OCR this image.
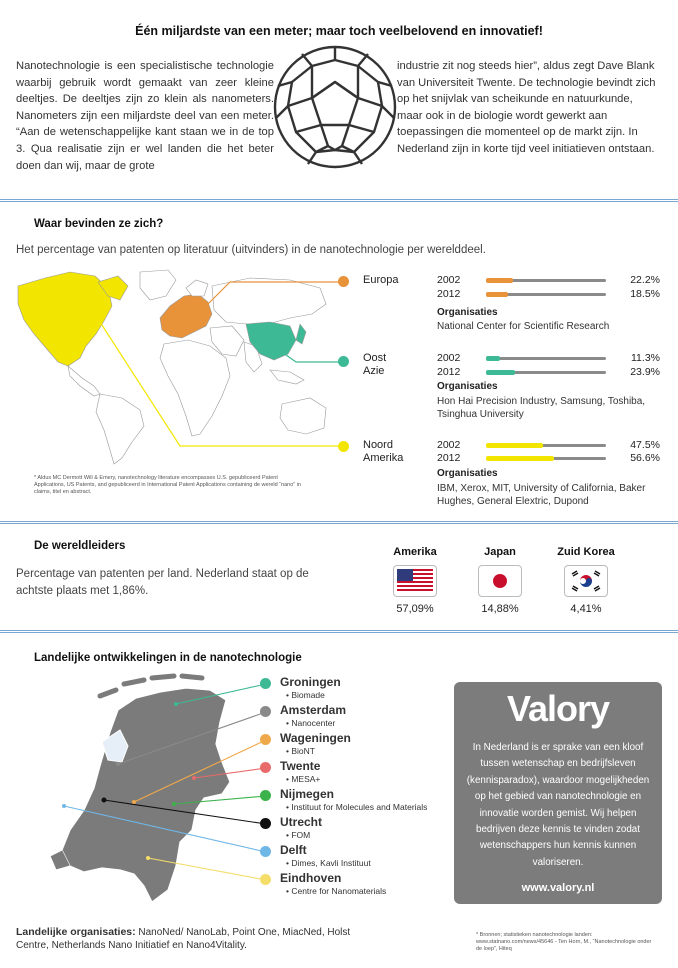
Één miljardste van een meter; maar toch veelbelovend en innovatief!
Nanotechnologie is een specialistische technologie waarbij gebruik wordt gemaakt van zeer kleine deeltjes. De deeltjes zijn zo klein als nanometers. Nanometers zijn een miljardste deel van een meter. “Aan de wetenschappelijke kant staan we in de top 3. Qua realisatie zijn er wel landen die het beter doen dan wij, maar de grote
industrie zit nog steeds hier”, aldus zegt Dave Blank van Universiteit Twente. De technologie bevindt zich op het snijvlak van scheikunde en natuurkunde, maar ook in de biologie wordt gewerkt aan toepassingen die momenteel op de markt zijn. In Nederland zijn in korte tijd veel initiatieven ontstaan.
Waar bevinden ze zich?
Het percentage van patenten op literatuur (uitvinders) in de nanotechnologie per werelddeel.
* Aldus MC Dermott Will & Emery, nanotechnology literature encompasses U.S. gepubliceerd Patent Applications, US Patents, and gepubliceerd in International Patent Applications containing de wereld “nano” in claims, titel en abstract.
Europa	2002	22.2%
2012	18.5%
Organisaties
National Center for Scientific Research
Oost
Azie
2002	11.3%
2012	23.9%
Organisaties
Hon Hai Precision Industry, Samsung, Toshiba, Tsinghua University
Noord
Amerika
2002	47.5%
2012	56.6%
Organisaties
IBM, Xerox, MIT, University of California, Baker Hughes, General Elextric, Dupond
De wereldleiders
Percentage van patenten per land. Nederland staat op de achtste plaats met 1,86%.
Amerika
57,09%
Japan
14,88%
Zuid Korea
4,41%
Landelijke ontwikkelingen in de nanotechnologie
Groningen
• Biomade
Amsterdam
• Nanocenter
Wageningen
• BioNT
Twente
• MESA+
Nijmegen
• Instituut for Molecules and Materials
Utrecht
• FOM
Delft
• Dimes, Kavli Instituut
Eindhoven
• Centre for Nanomaterials
Landelijke organisaties: NanoNed/ NanoLab, Point One, MiacNed, Holst Centre, Netherlands Nano Initiatief en Nano4Vitality.
Valory
In Nederland is er sprake van een kloof tussen wetenschap en bedrijfsleven (kennisparadox), waardoor mogelijkheden op het gebied van nanotechnologie en innovatie worden gemist. Wij helpen bedrijven deze kennis te vinden zodat wetenschappers hun kennis kunnen valoriseren.
www.valory.nl
* Bronnen; statistieken nanotechnologie landen: www.statnano.com/news/45646 - Ten Horn, M., “Nanotechnologie onder de loep”, Hiteq
